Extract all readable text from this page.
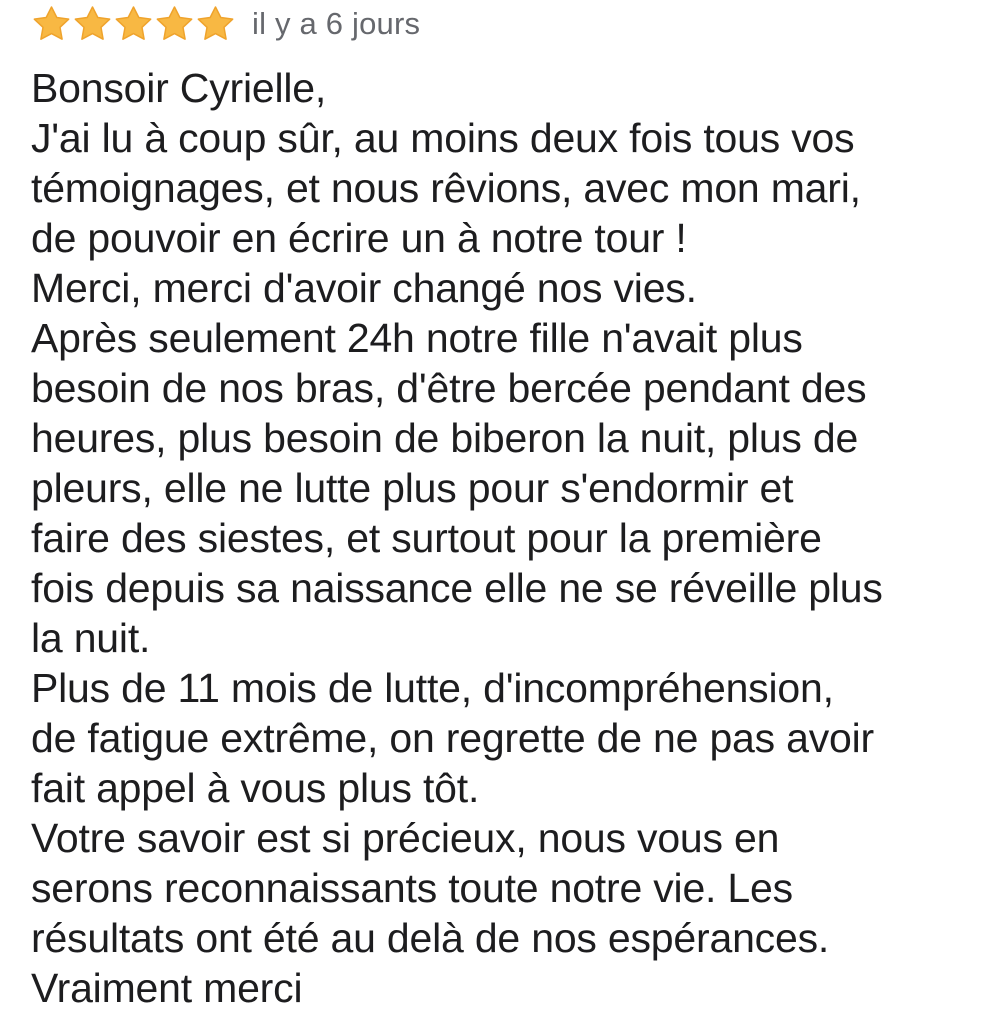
il y a 6 jours
Bonsoir Cyrielle,
J'ai lu à coup sûr, au moins deux fois tous vos
témoignages, et nous rêvions, avec mon mari,
de pouvoir en écrire un à notre tour !
Merci, merci d'avoir changé nos vies.
Après seulement 24h notre fille n'avait plus
besoin de nos bras, d'être bercée pendant des
heures, plus besoin de biberon la nuit, plus de
pleurs, elle ne lutte plus pour s'endormir et
faire des siestes, et surtout pour la première
fois depuis sa naissance elle ne se réveille plus
la nuit.
Plus de 11 mois de lutte, d'incompréhension,
de fatigue extrême, on regrette de ne pas avoir
fait appel à vous plus tôt.
Votre savoir est si précieux, nous vous en
serons reconnaissants toute notre vie. Les
résultats ont été au delà de nos espérances.
Vraiment merci
